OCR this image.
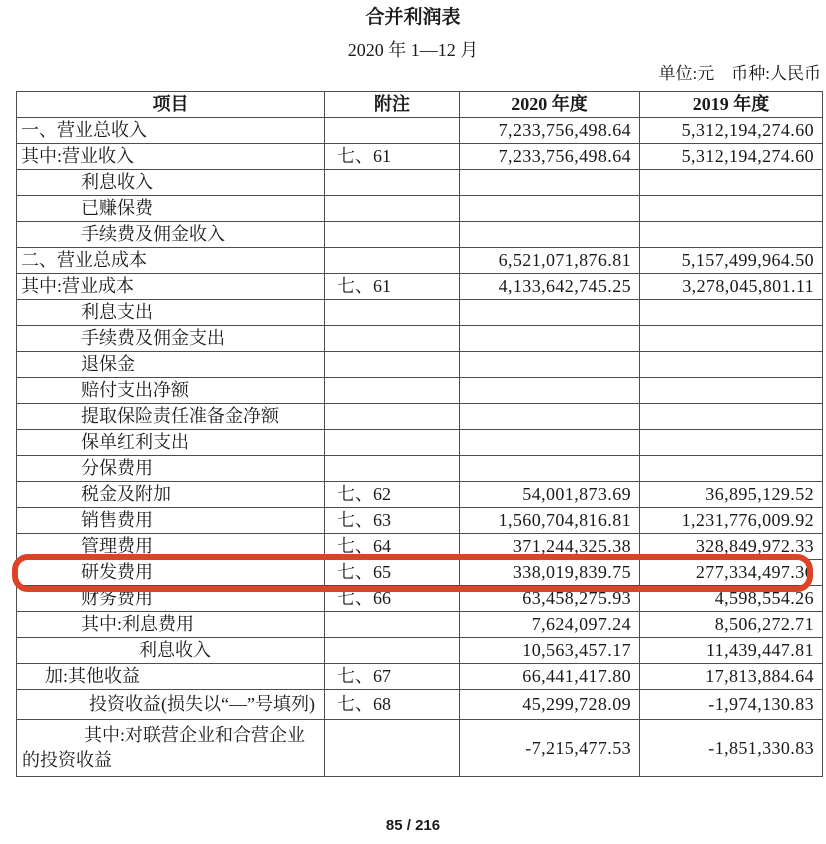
合并利润表
2020 年 1—12 月
单位:元　币种:人民币
项目	附注	2020 年度	2019 年度
一、营业总收入		7,233,756,498.64	5,312,194,274.60
其中:营业收入	七、61	7,233,756,498.64	5,312,194,274.60
利息收入			
已赚保费			
手续费及佣金收入			
二、营业总成本		6,521,071,876.81	5,157,499,964.50
其中:营业成本	七、61	4,133,642,745.25	3,278,045,801.11
利息支出			
手续费及佣金支出			
退保金			
赔付支出净额			
提取保险责任准备金净额			
保单红利支出			
分保费用			
税金及附加	七、62	54,001,873.69	36,895,129.52
销售费用	七、63	1,560,704,816.81	1,231,776,009.92
管理费用	七、64	371,244,325.38	328,849,972.33
研发费用	七、65	338,019,839.75	277,334,497.36
财务费用	七、66	63,458,275.93	4,598,554.26
其中:利息费用		7,624,097.24	8,506,272.71
利息收入		10,563,457.17	11,439,447.81
加:其他收益	七、67	66,441,417.80	17,813,884.64
投资收益(损失以“—”号填列)	七、68	45,299,728.09	-1,974,130.83
其中:对联营企业和合营企业的投资收益		-7,215,477.53	-1,851,330.83
85 / 216
